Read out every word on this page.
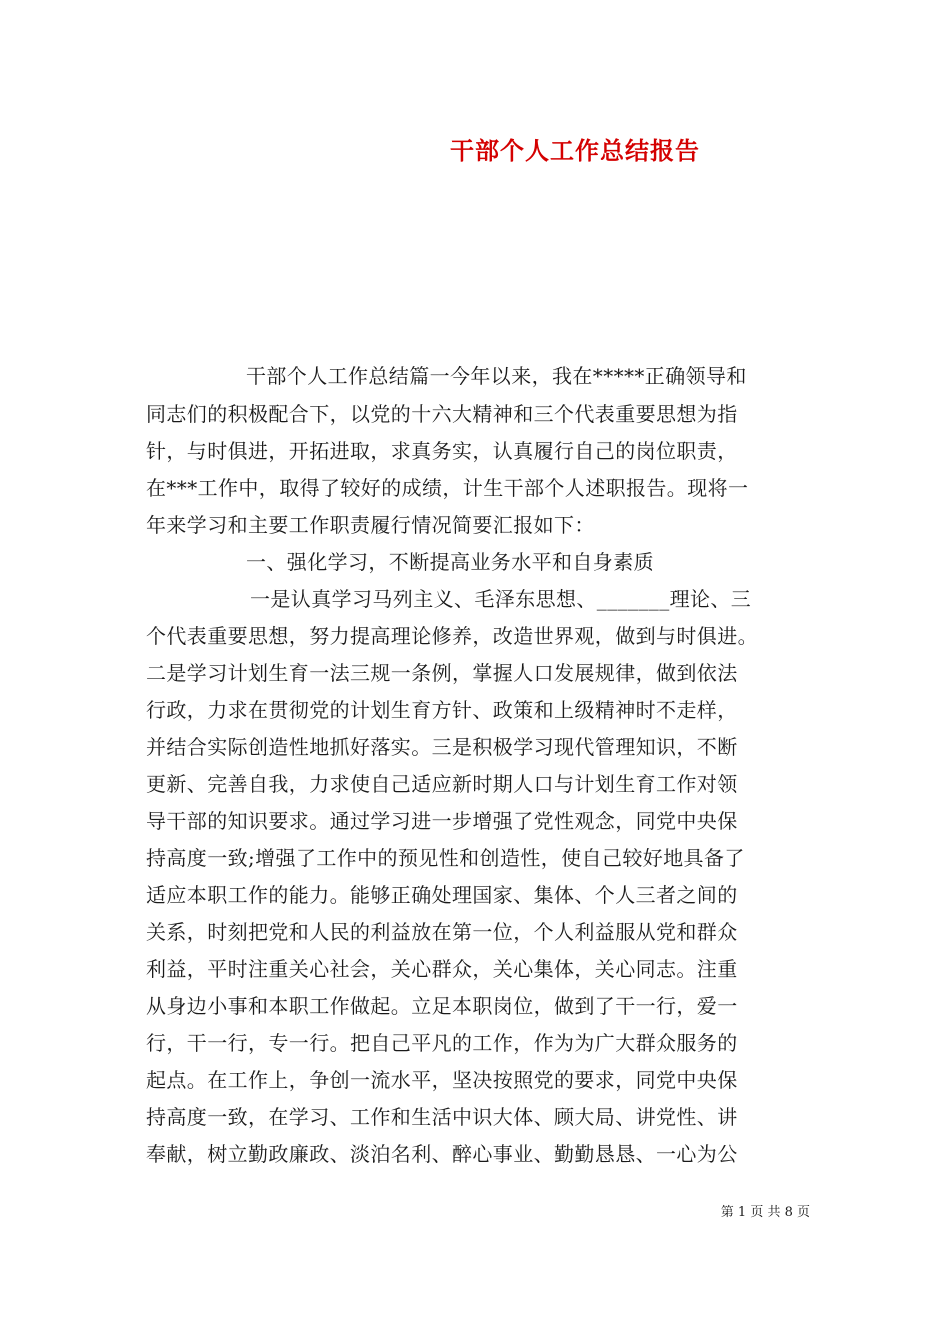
干部个人工作总结报告
干部个人工作总结篇一今年以来，我在*****正确领导和
同志们的积极配合下，以党的十六大精神和三个代表重要思想为指
针，与时俱进，开拓进取，求真务实，认真履行自己的岗位职责，
在***工作中，取得了较好的成绩，计生干部个人述职报告。现将一
年来学习和主要工作职责履行情况简要汇报如下：
一、强化学习，不断提高业务水平和自身素质
一是认真学习马列主义、毛泽东思想、_______理论、三
个代表重要思想，努力提高理论修养，改造世界观，做到与时俱进。
二是学习计划生育一法三规一条例，掌握人口发展规律，做到依法
行政，力求在贯彻党的计划生育方针、政策和上级精神时不走样，
并结合实际创造性地抓好落实。三是积极学习现代管理知识，不断
更新、完善自我，力求使自己适应新时期人口与计划生育工作对领
导干部的知识要求。通过学习进一步增强了党性观念，同党中央保
持高度一致;增强了工作中的预见性和创造性，使自己较好地具备了
适应本职工作的能力。能够正确处理国家、集体、个人三者之间的
关系，时刻把党和人民的利益放在第一位，个人利益服从党和群众
利益，平时注重关心社会，关心群众，关心集体，关心同志。注重
从身边小事和本职工作做起。立足本职岗位，做到了干一行，爱一
行，干一行，专一行。把自己平凡的工作，作为为广大群众服务的
起点。在工作上，争创一流水平，坚决按照党的要求，同党中央保
持高度一致，在学习、工作和生活中识大体、顾大局、讲党性、讲
奉献，树立勤政廉政、淡泊名利、醉心事业、勤勤恳恳、一心为公
第 1 页 共 8 页
